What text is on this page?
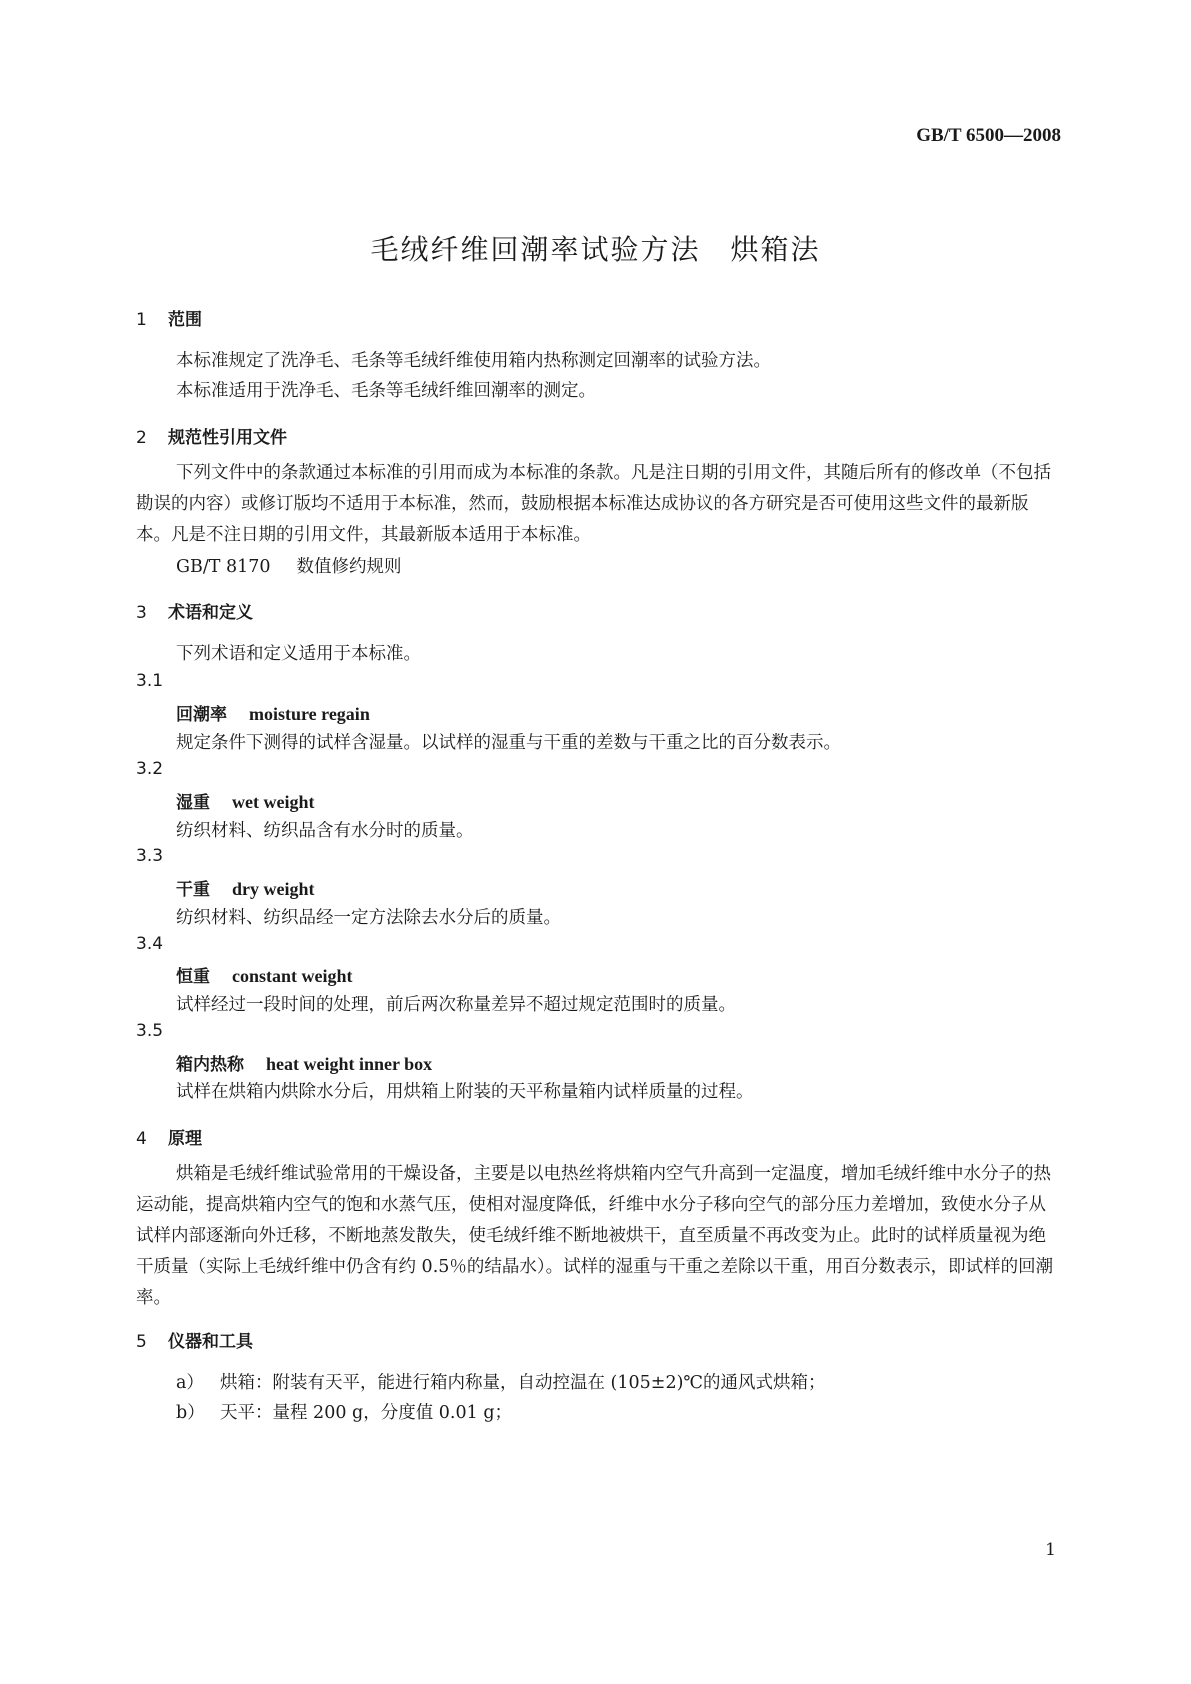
GB/T 6500—2008
毛绒纤维回潮率试验方法　烘箱法
1 范围
本标准规定了洗净毛、毛条等毛绒纤维使用箱内热称测定回潮率的试验方法。
本标准适用于洗净毛、毛条等毛绒纤维回潮率的测定。
2 规范性引用文件
下列文件中的条款通过本标准的引用而成为本标准的条款。凡是注日期的引用文件，其随后所有的修改单（不包括勘误的内容）或修订版均不适用于本标准，然而，鼓励根据本标准达成协议的各方研究是否可使用这些文件的最新版本。凡是不注日期的引用文件，其最新版本适用于本标准。
GB/T 8170 数值修约规则
3 术语和定义
下列术语和定义适用于本标准。
3.1
回潮率 moisture regain
规定条件下测得的试样含湿量。以试样的湿重与干重的差数与干重之比的百分数表示。
3.2
湿重 wet weight
纺织材料、纺织品含有水分时的质量。
3.3
干重 dry weight
纺织材料、纺织品经一定方法除去水分后的质量。
3.4
恒重 constant weight
试样经过一段时间的处理，前后两次称量差异不超过规定范围时的质量。
3.5
箱内热称 heat weight inner box
试样在烘箱内烘除水分后，用烘箱上附装的天平称量箱内试样质量的过程。
4 原理
烘箱是毛绒纤维试验常用的干燥设备，主要是以电热丝将烘箱内空气升高到一定温度，增加毛绒纤维中水分子的热运动能，提高烘箱内空气的饱和水蒸气压，使相对湿度降低，纤维中水分子移向空气的部分压力差增加，致使水分子从试样内部逐渐向外迁移，不断地蒸发散失，使毛绒纤维不断地被烘干，直至质量不再改变为止。此时的试样质量视为绝干质量（实际上毛绒纤维中仍含有约 0.5％的结晶水）。试样的湿重与干重之差除以干重，用百分数表示，即试样的回潮率。
5 仪器和工具
a） 烘箱：附装有天平，能进行箱内称量，自动控温在 (105±2)℃的通风式烘箱；
b） 天平：量程 200 g，分度值 0.01 g；
1
